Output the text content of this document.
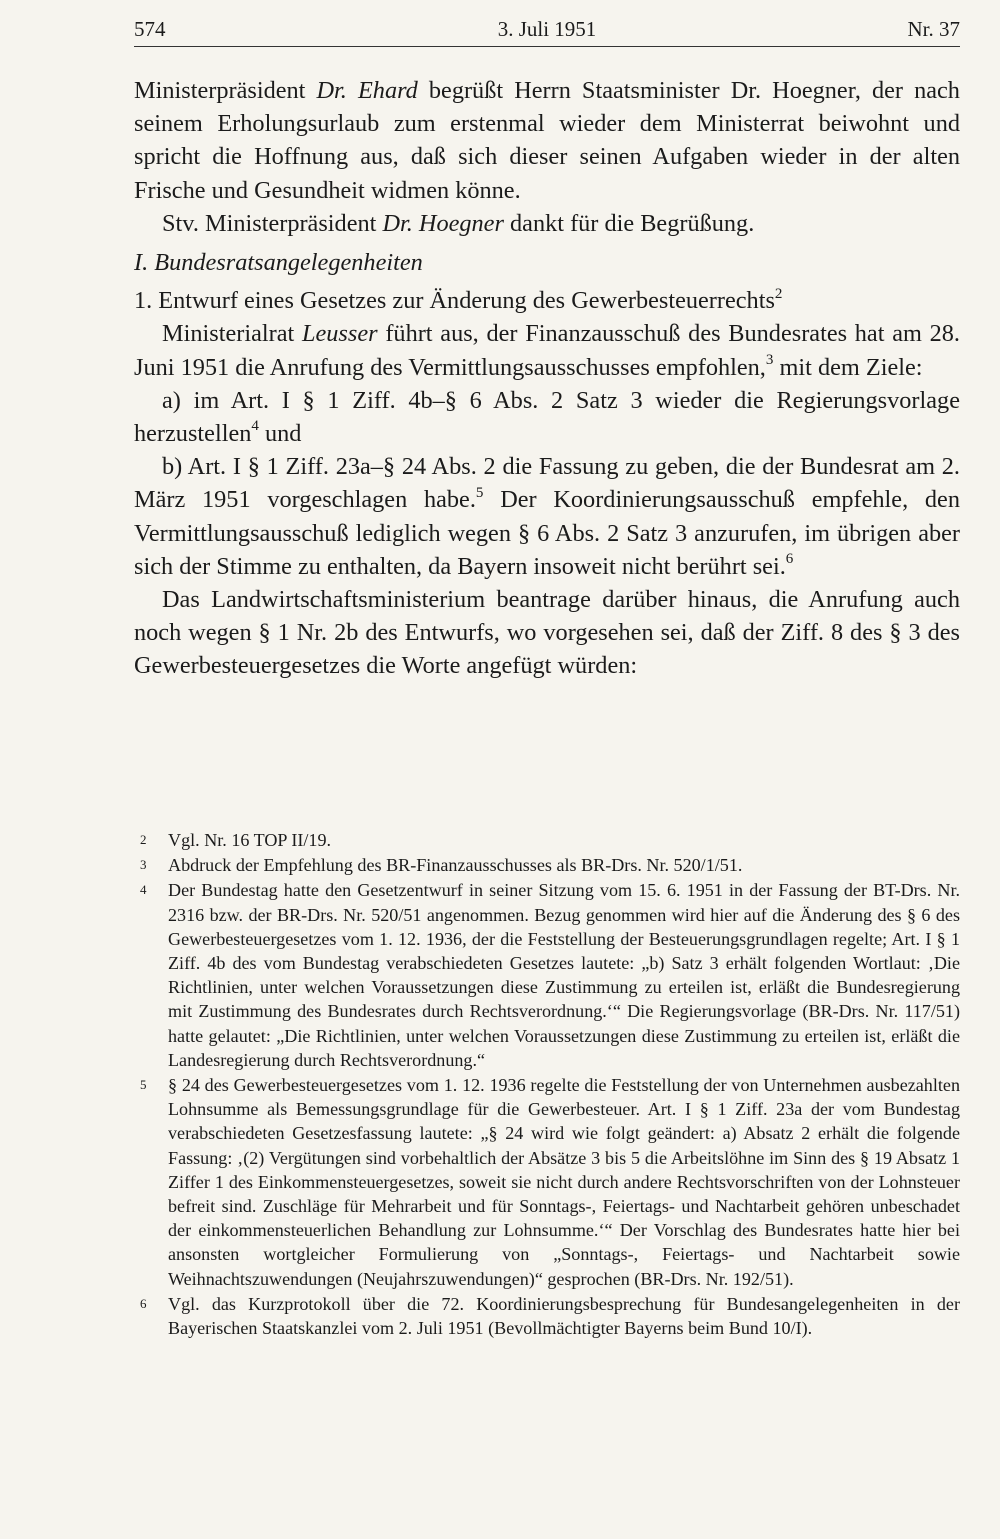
574	3. Juli 1951	Nr. 37

Ministerpräsident Dr. Ehard begrüßt Herrn Staatsminister Dr. Hoegner, der nach seinem Erholungsurlaub zum erstenmal wieder dem Ministerrat beiwohnt und spricht die Hoffnung aus, daß sich dieser seinen Aufgaben wieder in der alten Frische und Gesundheit widmen könne.

Stv. Ministerpräsident Dr. Hoegner dankt für die Begrüßung.

I. Bundesratsangelegenheiten

1. Entwurf eines Gesetzes zur Änderung des Gewerbesteuerrechts$^2$

Ministerialrat Leusser führt aus, der Finanzausschuß des Bundesrates hat am 28. Juni 1951 die Anrufung des Vermittlungsausschusses empfohlen,$^3$ mit dem Ziele:

a) im Art. I § 1 Ziff. 4b–§ 6 Abs. 2 Satz 3 wieder die Regierungsvorlage herzustellen$^4$ und

b) Art. I § 1 Ziff. 23a–§ 24 Abs. 2 die Fassung zu geben, die der Bundesrat am 2. März 1951 vorgeschlagen habe.$^5$ Der Koordinierungsausschuß empfehle, den Vermittlungsausschuß lediglich wegen § 6 Abs. 2 Satz 3 anzurufen, im übrigen aber sich der Stimme zu enthalten, da Bayern insoweit nicht berührt sei.$^6$

Das Landwirtschaftsministerium beantrage darüber hinaus, die Anrufung auch noch wegen § 1 Nr. 2b des Entwurfs, wo vorgesehen sei, daß der Ziff. 8 des § 3 des Gewerbesteuergesetzes die Worte angefügt würden:

2 Vgl. Nr. 16 TOP II/19.

3 Abdruck der Empfehlung des BR-Finanzausschusses als BR-Drs. Nr. 520/1/51.

4 Der Bundestag hatte den Gesetzentwurf in seiner Sitzung vom 15. 6. 1951 in der Fassung der BT-Drs. Nr. 2316 bzw. der BR-Drs. Nr. 520/51 angenommen. Bezug genommen wird hier auf die Änderung des § 6 des Gewerbesteuergesetzes vom 1. 12. 1936, der die Feststellung der Besteuerungsgrundlagen regelte; Art. I § 1 Ziff. 4b des vom Bundestag verabschiedeten Gesetzes lautete: „b) Satz 3 erhält folgenden Wortlaut: ‚Die Richtlinien, unter welchen Voraussetzungen diese Zustimmung zu erteilen ist, erläßt die Bundesregierung mit Zustimmung des Bundesrates durch Rechtsverordnung.‘“ Die Regierungsvorlage (BR-Drs. Nr. 117/51) hatte gelautet: „Die Richtlinien, unter welchen Voraussetzungen diese Zustimmung zu erteilen ist, erläßt die Landesregierung durch Rechtsverordnung.“

5 § 24 des Gewerbesteuergesetzes vom 1. 12. 1936 regelte die Feststellung der von Unternehmen ausbezahlten Lohnsumme als Bemessungsgrundlage für die Gewerbesteuer. Art. I § 1 Ziff. 23a der vom Bundestag verabschiedeten Gesetzesfassung lautete: „§ 24 wird wie folgt geändert: a) Absatz 2 erhält die folgende Fassung: ‚(2) Vergütungen sind vorbehaltlich der Absätze 3 bis 5 die Arbeitslöhne im Sinn des § 19 Absatz 1 Ziffer 1 des Einkommensteuergesetzes, soweit sie nicht durch andere Rechtsvorschriften von der Lohnsteuer befreit sind. Zuschläge für Mehrarbeit und für Sonntags-, Feiertags- und Nachtarbeit gehören unbeschadet der einkommensteuerlichen Behandlung zur Lohnsumme.‘“ Der Vorschlag des Bundesrates hatte hier bei ansonsten wortgleicher Formulierung von „Sonntags-, Feiertags- und Nachtarbeit sowie Weihnachtszuwendungen (Neujahrszuwendungen)“ gesprochen (BR-Drs. Nr. 192/51).

6 Vgl. das Kurzprotokoll über die 72. Koordinierungsbesprechung für Bundesangelegenheiten in der Bayerischen Staatskanzlei vom 2. Juli 1951 (Bevollmächtigter Bayerns beim Bund 10/I).
